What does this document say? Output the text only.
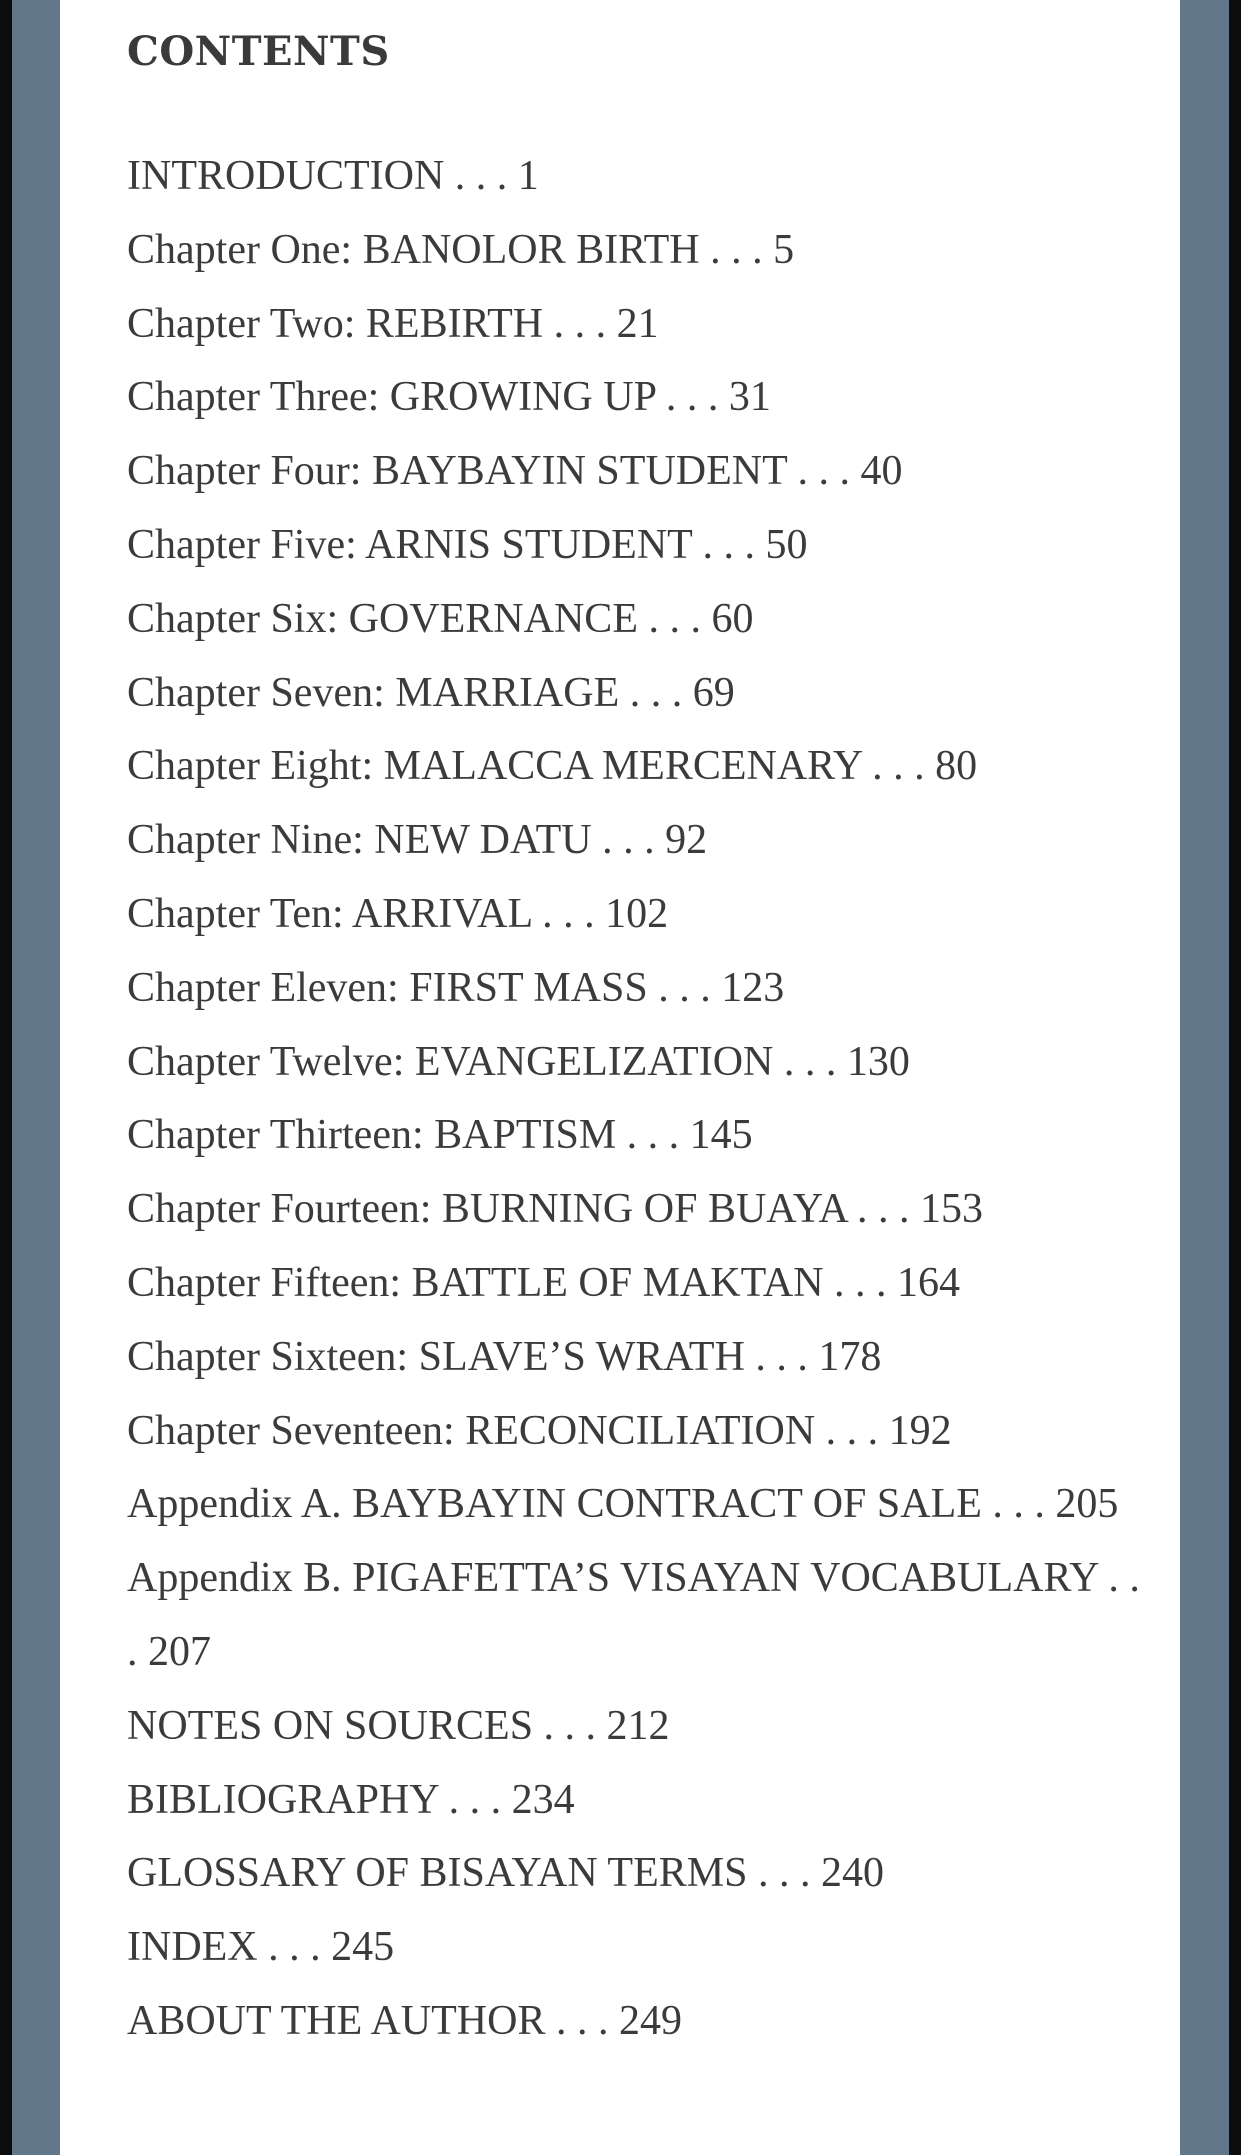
CONTENTS
INTRODUCTION . . . 1
Chapter One: BANOLOR BIRTH . . . 5
Chapter Two: REBIRTH . . . 21
Chapter Three: GROWING UP . . . 31
Chapter Four: BAYBAYIN STUDENT . . . 40
Chapter Five: ARNIS STUDENT . . . 50
Chapter Six: GOVERNANCE . . . 60
Chapter Seven: MARRIAGE . . . 69
Chapter Eight: MALACCA MERCENARY . . . 80
Chapter Nine: NEW DATU . . . 92
Chapter Ten: ARRIVAL . . . 102
Chapter Eleven: FIRST MASS . . . 123
Chapter Twelve: EVANGELIZATION . . . 130
Chapter Thirteen: BAPTISM . . . 145
Chapter Fourteen: BURNING OF BUAYA . . . 153
Chapter Fifteen: BATTLE OF MAKTAN . . . 164
Chapter Sixteen: SLAVE’S WRATH . . . 178
Chapter Seventeen: RECONCILIATION . . . 192
Appendix A. BAYBAYIN CONTRACT OF SALE . . . 205
Appendix B. PIGAFETTA’S VISAYAN VOCABULARY . . . 207
NOTES ON SOURCES . . . 212
BIBLIOGRAPHY . . . 234
GLOSSARY OF BISAYAN TERMS . . . 240
INDEX . . . 245
ABOUT THE AUTHOR . . . 249
